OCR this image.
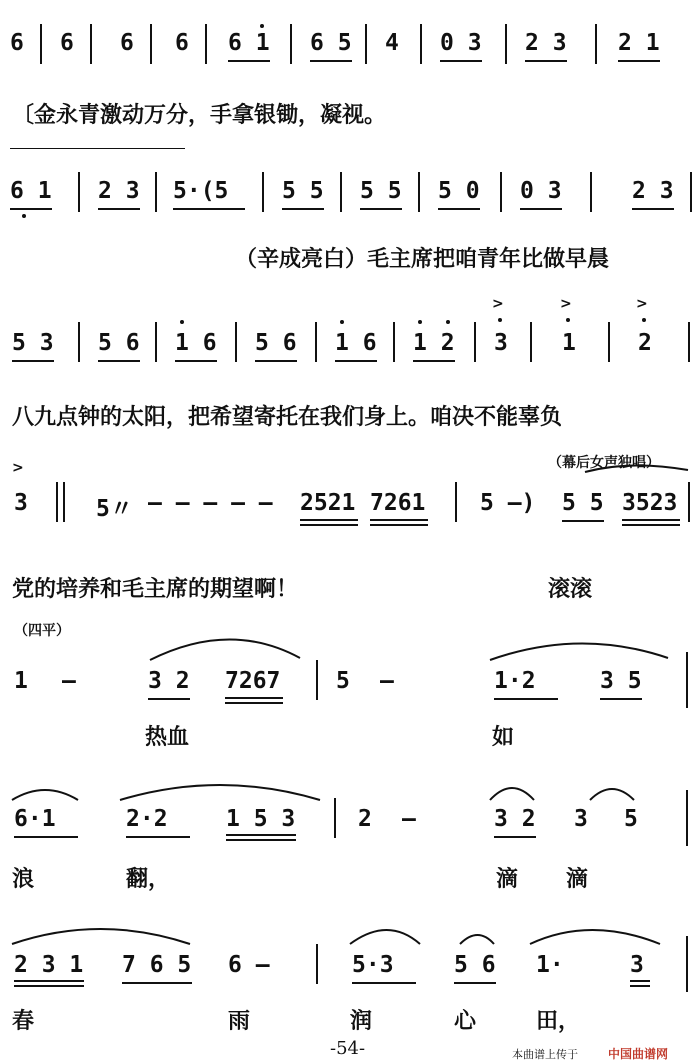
6 6 6 6 6 1 6 5 4 0 3 2 3 2 1
〔金永青激动万分，手拿银锄，凝视。
6 1 2 3 5·(5 5 5 5 5 5 0 0 3	2 3
（辛成亮白）毛主席把咱青年比做早晨
5 3 5 6 1 6 5 6 1 6 1 2 3
>
1
>
2
>
八九点钟的太阳，把希望寄托在我们身上。咱决不能辜负
（幕后女声独唱）
3
>
5〃 — — — — — 2521 7261 5 —) 5 5 3523
党的培养和毛主席的期望啊！	滚滚
（四平）
1 —	3 2 7267 5 —	1·2	3 5
热血	如
6·1	2·2	1 5 3	2 —	3 2 3 5
浪	翻，	滴 滴
2 3 1 7 6 5 6 —	5·3	5 6 1·	3
春	雨	润	心	田，
-54-	本曲谱上传于	中国曲谱网
